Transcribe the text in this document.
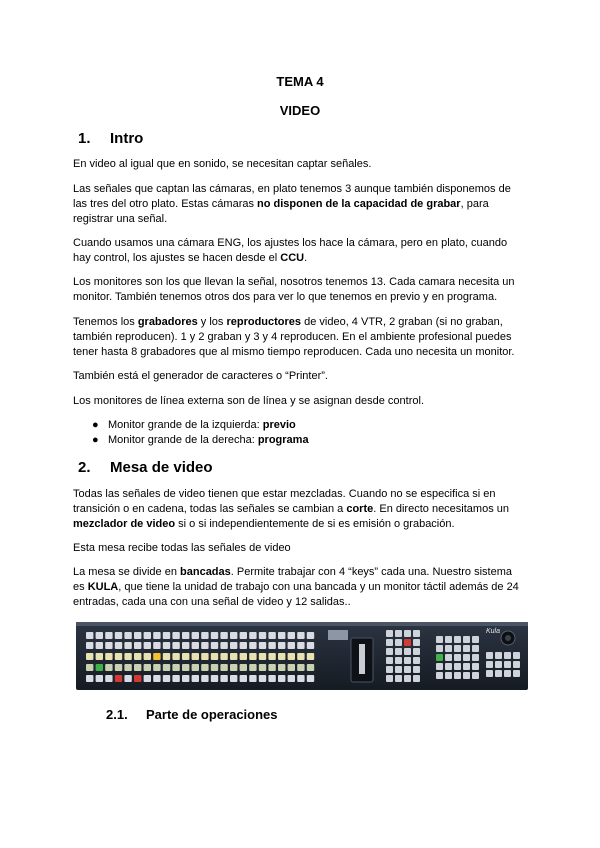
TEMA 4
VIDEO
1. Intro
En video al igual que en sonido, se necesitan captar señales.
Las señales que captan las cámaras, en plato tenemos 3 aunque también disponemos de
las tres del otro plato. Estas cámaras no disponen de la capacidad de grabar, para
registrar una señal.
Cuando usamos una cámara ENG, los ajustes los hace la cámara, pero en plato, cuando
hay control, los ajustes se hacen desde el CCU.
Los monitores son los que llevan la señal, nosotros tenemos 13. Cada camara necesita un
monitor. También tenemos otros dos para ver lo que tenemos en previo y en programa.
Tenemos los grabadores y los reproductores de video, 4 VTR, 2 graban (si no graban,
también reproducen). 1 y 2 graban y 3 y 4 reproducen. En el ambiente profesional puedes
tener hasta 8 grabadores que al mismo tiempo reproducen. Cada uno necesita un monitor.
También está el generador de caracteres o “Printer”.
Los monitores de línea externa son de línea y se asignan desde control.
● Monitor grande de la izquierda: previo
● Monitor grande de la derecha: programa
2. Mesa de video
Todas las señales de video tienen que estar mezcladas. Cuando no se especifica si en
transición o en cadena, todas las señales se cambian a corte. En directo necesitamos un
mezclador de video si o si independientemente de si es emisión o grabación.
Esta mesa recibe todas las señales de video
La mesa se divide en bancadas. Permite trabajar con 4 “keys” cada una. Nuestro sistema
es KULA, que tiene la unidad de trabajo con una bancada y un monitor táctil además de 24
entradas, cada una con una señal de video y 12 salidas..
Kula
2.1. Parte de operaciones
